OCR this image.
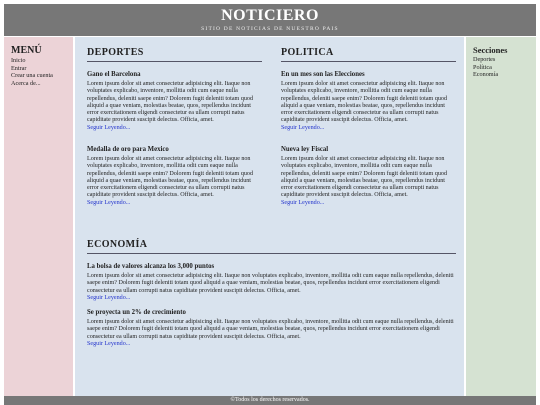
NOTICIERO
SITIO DE NOTICIAS DE NUESTRO PAIS
MENÚ
Inicio
Entrar
Crear una cuenta
Acerca de...
DEPORTES
Gano el Barcelona
Lorem ipsum dolor sit amet consectetur adipisicing elit. Itaque non voluptates explicabo, inventore, mollitia odit cum eaque nulla repellendus, deleniti saepe enim? Dolorem fugit deleniti totam quod aliquid a quae veniam, molestias beatae, quos, repellendus incidunt error exercitationem eligendi consectetur ea ullam corrupti natus capiditate provident suscipit delectus. Officia, amet.
Seguir Leyendo...
Medalla de oro para Mexico
Lorem ipsum dolor sit amet consectetur adipisicing elit. Itaque non voluptates explicabo, inventore, mollitia odit cum eaque nulla repellendus, deleniti saepe enim? Dolorem fugit deleniti totam quod aliquid a quae veniam, molestias beatae, quos, repellendus incidunt error exercitationem eligendi consectetur ea ullam corrupti natus capiditate provident suscipit delectus. Officia, amet.
Seguir Leyendo...
POLITICA
En un mes son las Elecciones
Lorem ipsum dolor sit amet consectetur adipisicing elit. Itaque non voluptates explicabo, inventore, mollitia odit cum eaque nulla repellendus, deleniti saepe enim? Dolorem fugit deleniti totam quod aliquid a quae veniam, molestias beatae, quos, repellendus incidunt error exercitationem eligendi consectetur ea ullam corrupti natus capiditate provident suscipit delectus. Officia, amet.
Seguir Leyendo...
Nueva ley Fiscal
Lorem ipsum dolor sit amet consectetur adipisicing elit. Itaque non voluptates explicabo, inventore, mollitia odit cum eaque nulla repellendus, deleniti saepe enim? Dolorem fugit deleniti totam quod aliquid a quae veniam, molestias beatae, quos, repellendus incidunt error exercitationem eligendi consectetur ea ullam corrupti natus capiditate provident suscipit delectus. Officia, amet.
Seguir Leyendo...
ECONOMÍA
La bolsa de valores alcanza los 3,000 puntos
Lorem ipsum dolor sit amet consectetur adipisicing elit. Itaque non voluptates explicabo, inventore, mollitia odit cum eaque nulla repellendus, deleniti saepe enim? Dolorem fugit deleniti totam quod aliquid a quae veniam, molestias beatae, quos, repellendus incidunt error exercitationem eligendi consectetur ea ullam corrupti natus capiditate provident suscipit delectus. Officia, amet.
Seguir Leyendo...
Se proyecta un 2% de crecimiento
Lorem ipsum dolor sit amet consectetur adipisicing elit. Itaque non voluptates explicabo, inventore, mollitia odit cum eaque nulla repellendus, deleniti saepe enim? Dolorem fugit deleniti totam quod aliquid a quae veniam, molestias beatae, quos, repellendus incidunt error exercitationem eligendi consectetur ea ullam corrupti natus capiditate provident suscipit delectus. Officia, amet.
Seguir Leyendo...
Secciones
Deportes
Política
Economía
©Todos los derechos reservados.
